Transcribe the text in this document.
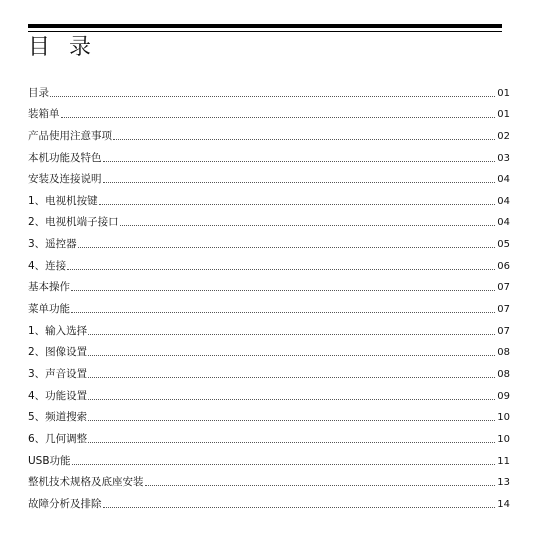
目 录
目录	01
装箱单	01
产品使用注意事项	02
本机功能及特色	03
安装及连接说明	04
1、电视机按键	04
2、电视机端子接口	04
3、遥控器	05
4、连接	06
基本操作	07
菜单功能	07
1、输入选择	07
2、图像设置	08
3、声音设置	08
4、功能设置	09
5、频道搜索	10
6、几何调整	10
USB功能	11
整机技术规格及底座安装	13
故障分析及排除	14
